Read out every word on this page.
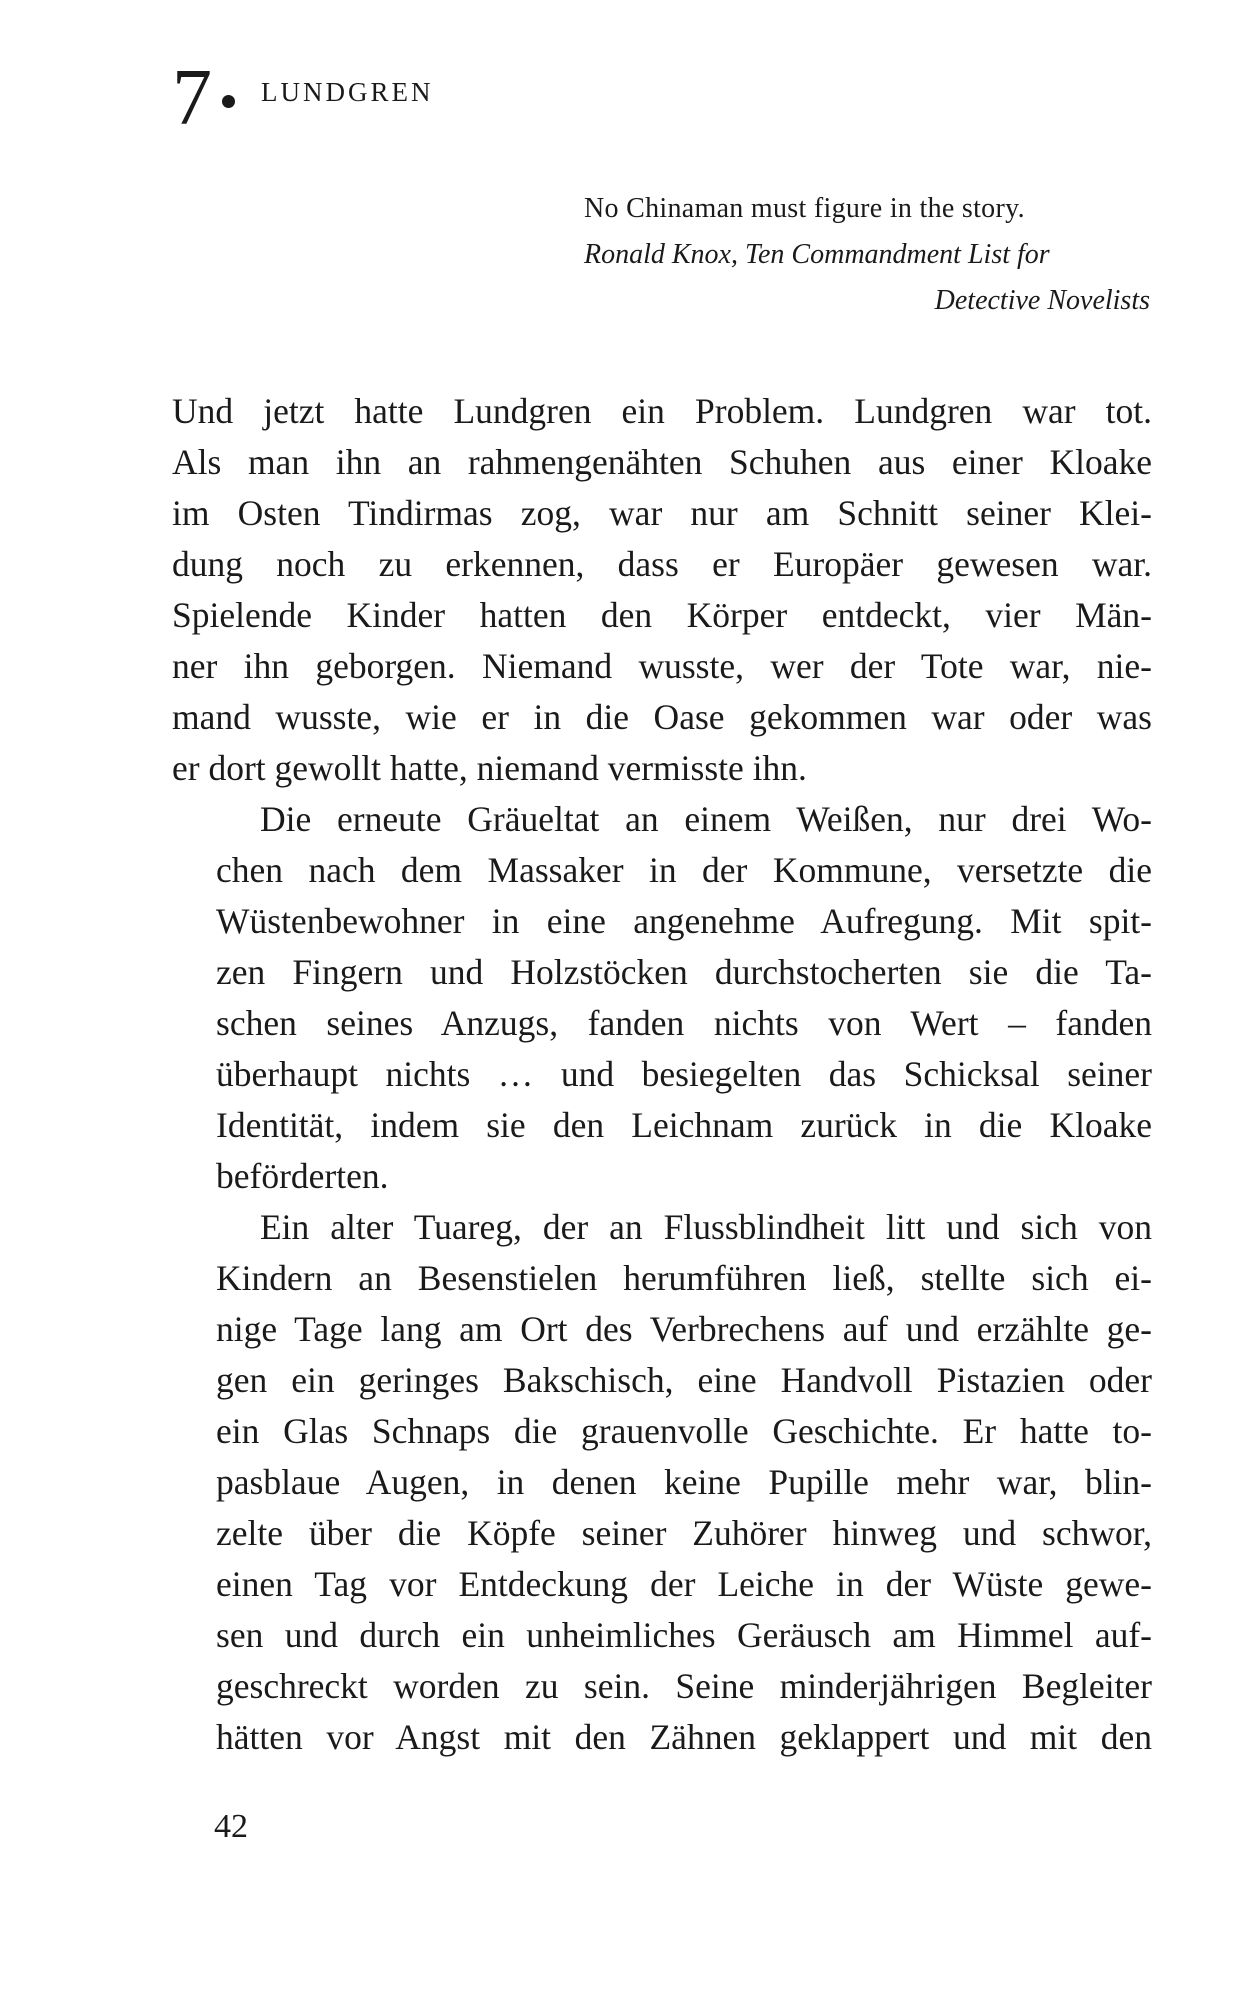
7 LUNDGREN
No Chinaman must figure in the story.
Ronald Knox, Ten Commandment List for
Detective Novelists

Und jetzt hatte Lundgren ein Problem. Lundgren war tot.
Als man ihn an rahmengenähten Schuhen aus einer Kloake
im Osten Tindirmas zog, war nur am Schnitt seiner Klei-
dung noch zu erkennen, dass er Europäer gewesen war.
Spielende Kinder hatten den Körper entdeckt, vier Män-
ner ihn geborgen. Niemand wusste, wer der Tote war, nie-
mand wusste, wie er in die Oase gekommen war oder was
er dort gewollt hatte, niemand vermisste ihn.

Die erneute Gräueltat an einem Weißen, nur drei Wo-
chen nach dem Massaker in der Kommune, versetzte die
Wüstenbewohner in eine angenehme Aufregung. Mit spit-
zen Fingern und Holzstöcken durchstocherten sie die Ta-
schen seines Anzugs, fanden nichts von Wert – fanden
überhaupt nichts … und besiegelten das Schicksal seiner
Identität, indem sie den Leichnam zurück in die Kloake
beförderten.

Ein alter Tuareg, der an Flussblindheit litt und sich von
Kindern an Besenstielen herumführen ließ, stellte sich ei-
nige Tage lang am Ort des Verbrechens auf und erzählte ge-
gen ein geringes Bakschisch, eine Handvoll Pistazien oder
ein Glas Schnaps die grauenvolle Geschichte. Er hatte to-
pasblaue Augen, in denen keine Pupille mehr war, blin-
zelte über die Köpfe seiner Zuhörer hinweg und schwor,
einen Tag vor Entdeckung der Leiche in der Wüste gewe-
sen und durch ein unheimliches Geräusch am Himmel auf-
geschreckt worden zu sein. Seine minderjährigen Begleiter
hätten vor Angst mit den Zähnen geklappert und mit den

42
